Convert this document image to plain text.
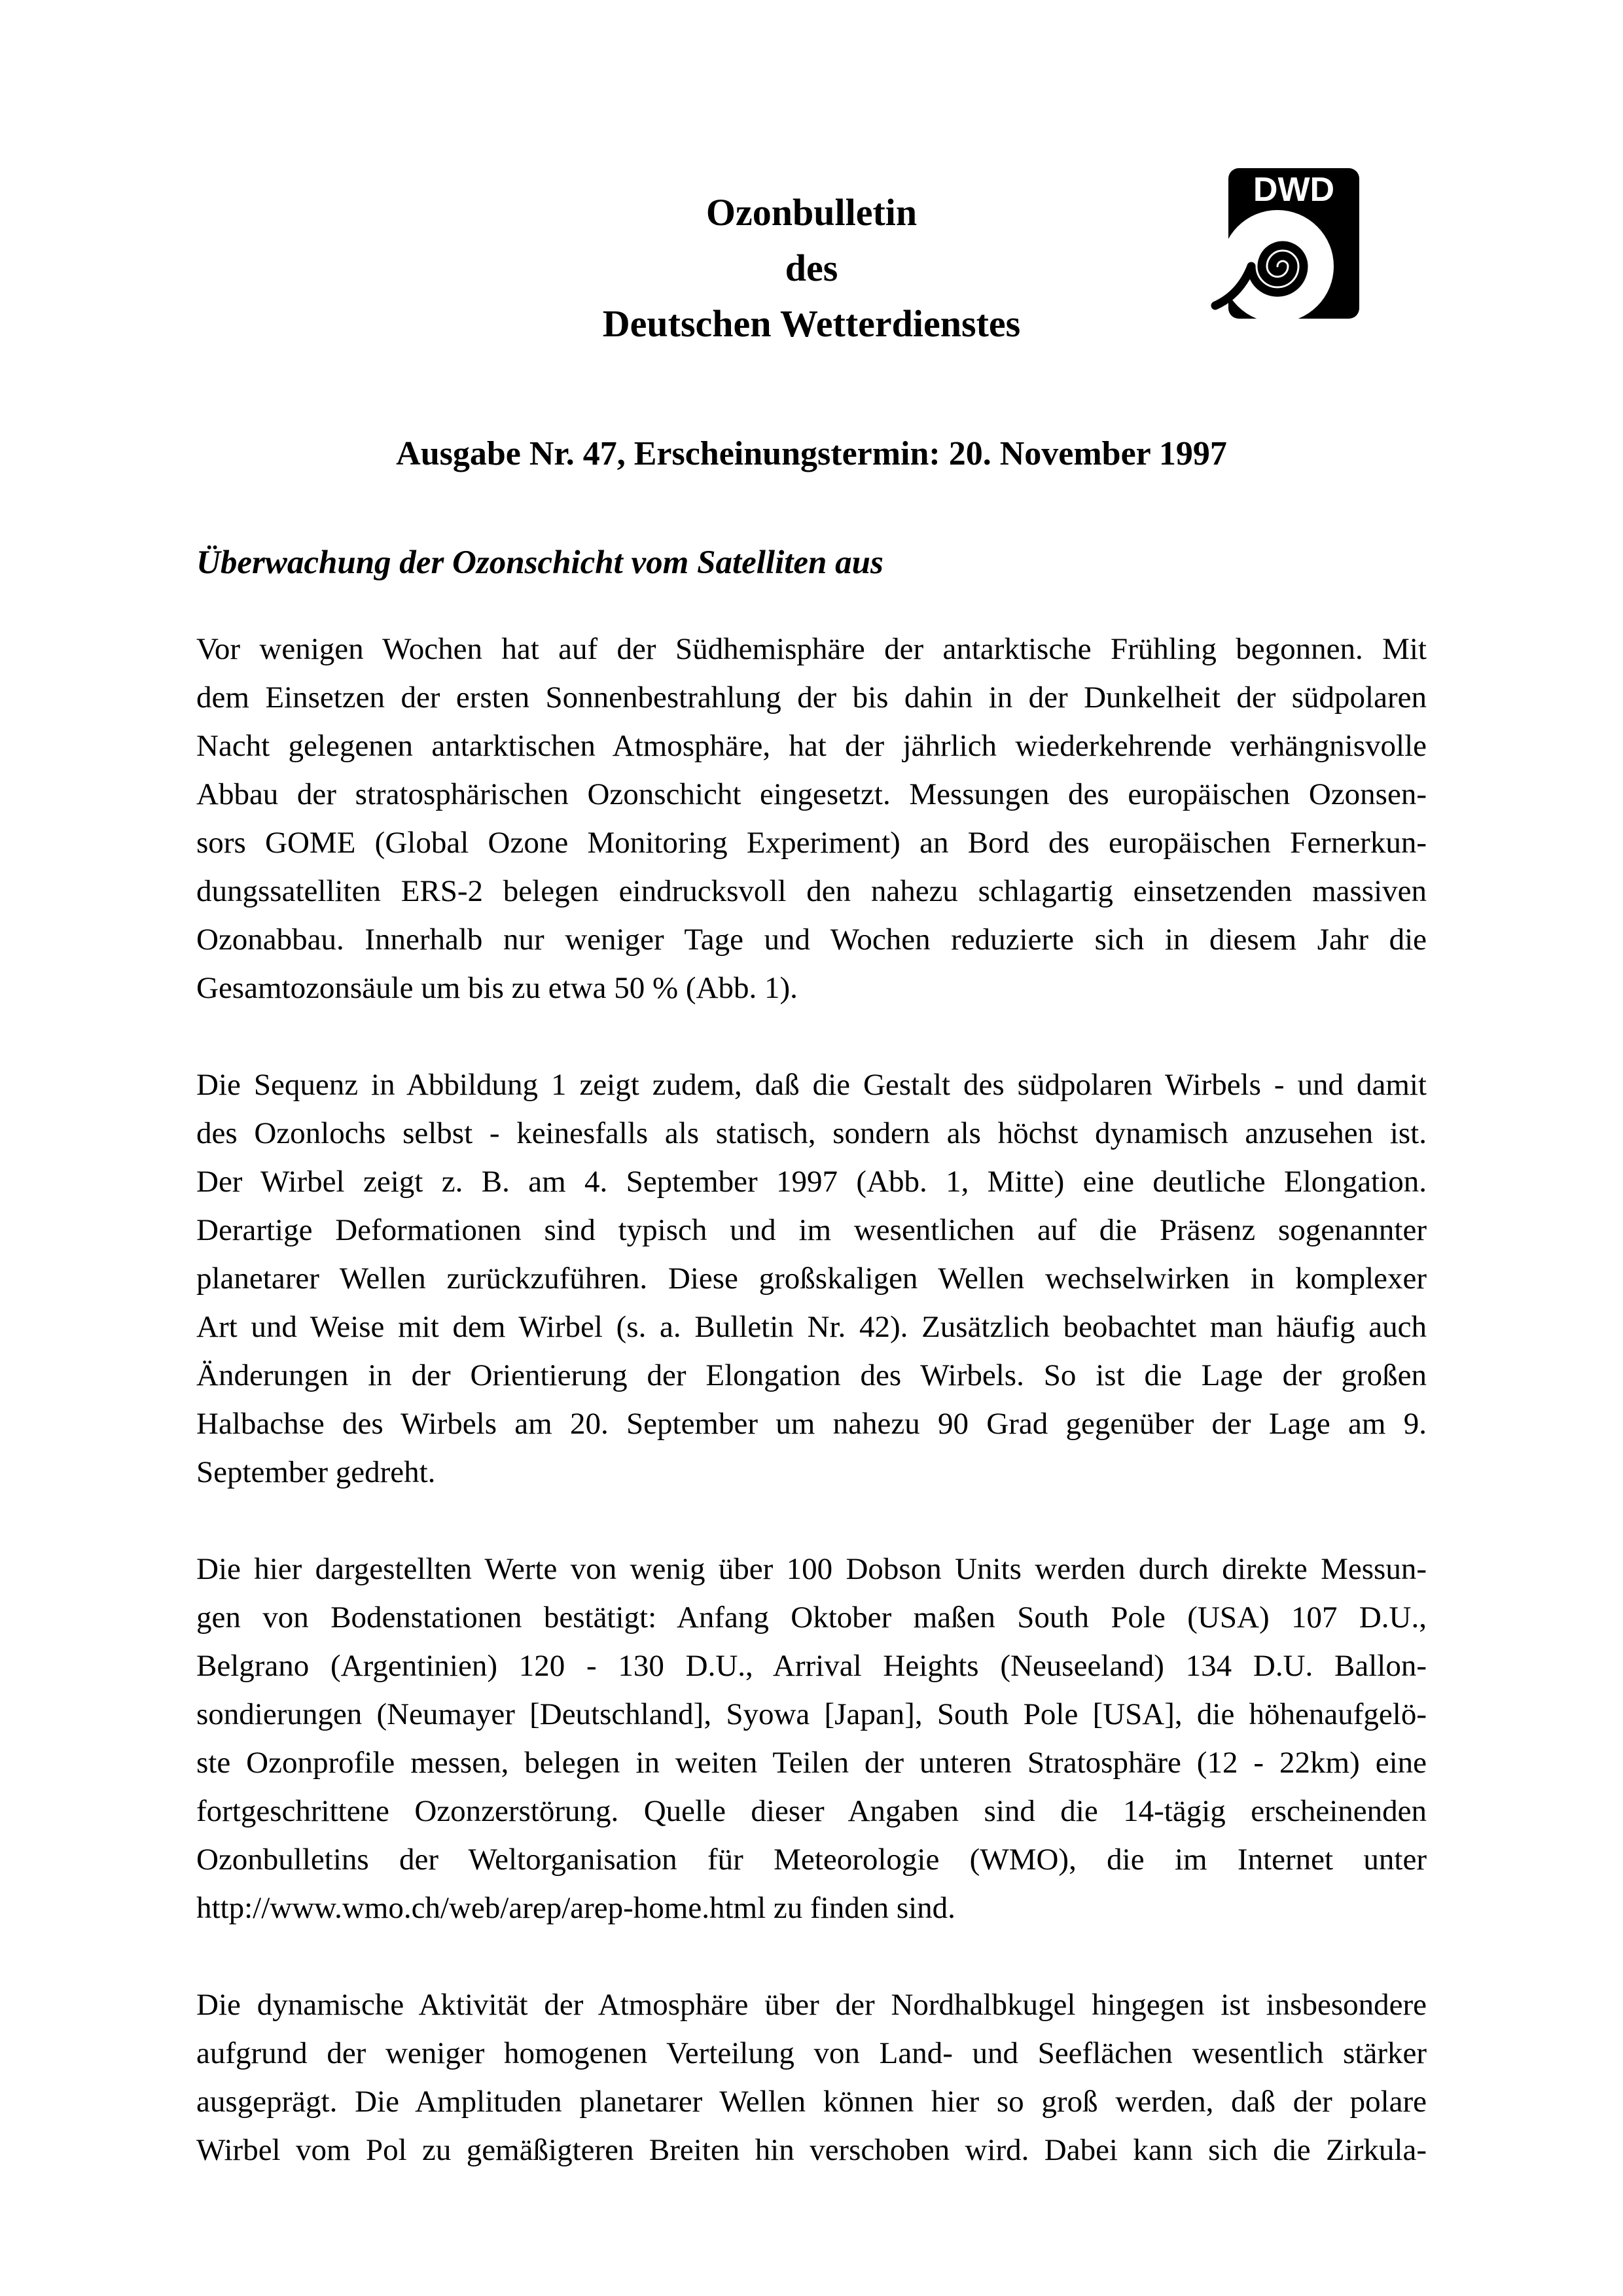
DWD
Ozonbulletin
des
Deutschen Wetterdienstes
Ausgabe Nr. 47, Erscheinungstermin: 20. November 1997
Überwachung der Ozonschicht vom Satelliten aus
Vor wenigen Wochen hat auf der Südhemisphäre der antarktische Frühling begonnen. Mit
dem Einsetzen der ersten Sonnenbestrahlung der bis dahin in der Dunkelheit der südpolaren
Nacht gelegenen antarktischen Atmosphäre, hat der jährlich wiederkehrende verhängnisvolle
Abbau der stratosphärischen Ozonschicht eingesetzt. Messungen des europäischen Ozonsen-
sors GOME (Global Ozone Monitoring Experiment) an Bord des europäischen Fernerkun-
dungssatelliten ERS-2 belegen eindrucksvoll den nahezu schlagartig einsetzenden massiven
Ozonabbau. Innerhalb nur weniger Tage und Wochen reduzierte sich in diesem Jahr die
Gesamtozonsäule um bis zu etwa 50 % (Abb. 1).
Die Sequenz in Abbildung 1 zeigt zudem, daß die Gestalt des südpolaren Wirbels - und damit
des Ozonlochs selbst - keinesfalls als statisch, sondern als höchst dynamisch anzusehen ist.
Der Wirbel zeigt z. B. am 4. September 1997 (Abb. 1, Mitte) eine deutliche Elongation.
Derartige Deformationen sind typisch und im wesentlichen auf die Präsenz sogenannter
planetarer Wellen zurückzuführen. Diese großskaligen Wellen wechselwirken in komplexer
Art und Weise mit dem Wirbel (s. a. Bulletin Nr. 42). Zusätzlich beobachtet man häufig auch
Änderungen in der Orientierung der Elongation des Wirbels. So ist die Lage der großen
Halbachse des Wirbels am 20. September um nahezu 90 Grad gegenüber der Lage am 9.
September gedreht.
Die hier dargestellten Werte von wenig über 100 Dobson Units werden durch direkte Messun-
gen von Bodenstationen bestätigt: Anfang Oktober maßen South Pole (USA) 107 D.U.,
Belgrano (Argentinien) 120 - 130 D.U., Arrival Heights (Neuseeland) 134 D.U. Ballon-
sondierungen (Neumayer [Deutschland], Syowa [Japan], South Pole [USA], die höhenaufgelö-
ste Ozonprofile messen, belegen in weiten Teilen der unteren Stratosphäre (12 - 22km) eine
fortgeschrittene Ozonzerstörung. Quelle dieser Angaben sind die 14-tägig erscheinenden
Ozonbulletins der Weltorganisation für Meteorologie (WMO), die im Internet unter
http://www.wmo.ch/web/arep/arep-home.html zu finden sind.
Die dynamische Aktivität der Atmosphäre über der Nordhalbkugel hingegen ist insbesondere
aufgrund der weniger homogenen Verteilung von Land- und Seeflächen wesentlich stärker
ausgeprägt. Die Amplituden planetarer Wellen können hier so groß werden, daß der polare
Wirbel vom Pol zu gemäßigteren Breiten hin verschoben wird. Dabei kann sich die Zirkula-
